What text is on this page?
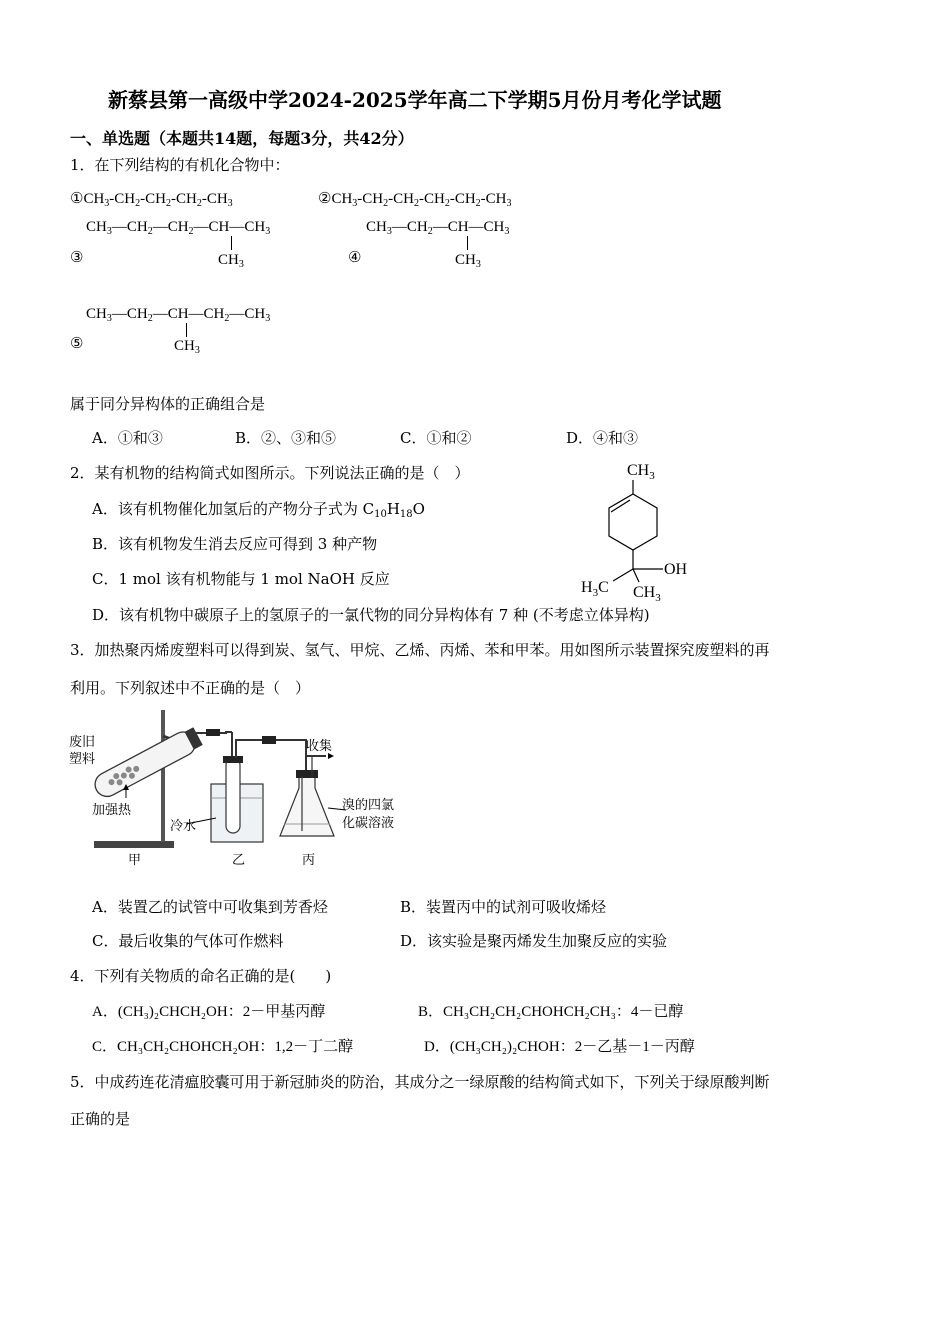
新蔡县第一高级中学2024-2025学年高二下学期5月份月考化学试题
一、单选题（本题共14题，每题3分，共42分）
1．在下列结构的有机化合物中：
$①CH_3-CH_2-CH_2-CH_2-CH_3$	$②CH_3-CH_2-CH_2-CH_2-CH_2-CH_3$
$CH_3—CH_2—CH_2—CH—CH_3$
$CH_3$
③
$CH_3—CH_2—CH—CH_3$
$CH_3$
④
$CH_3—CH_2—CH—CH_2—CH_3$
$CH_3$
⑤
属于同分异构体的正确组合是
A．①和③	B．②、③和⑤	C．①和②	D．④和③
2．某有机物的结构简式如图所示。下列说法正确的是（　）
A．该有机物催化加氢后的产物分子式为 $C_{10}H_{18}O$
B．该有机物发生消去反应可得到 3 种产物
C．1 mol 该有机物能与 1 mol NaOH 反应
D．该有机物中碳原子上的氢原子的一氯代物的同分异构体有 7 种 (不考虑立体异构)
$CH_3$
OH
$H_3C$ $CH_3$
3．加热聚丙烯废塑料可以得到炭、氢气、甲烷、乙烯、丙烯、苯和甲苯。用如图所示装置探究废塑料的再
利用。下列叙述中不正确的是（　）
废旧
塑料
加强热
冷水
收集
溴的四氯
化碳溶液
甲	乙	丙
A．装置乙的试管中可收集到芳香烃	B．装置丙中的试剂可吸收烯烃
C．最后收集的气体可作燃料	D．该实验是聚丙烯发生加聚反应的实验
4．下列有关物质的命名正确的是(　　)
A．(CH₃)₂CHCH₂OH：2－甲基丙醇	B．CH₃CH₂CH₂CHOHCH₂CH₃：4－已醇
C．CH₃CH₂CHOHCH₂OH：1,2－丁二醇	D．(CH₃CH₂)₂CHOH：2－乙基－1－丙醇
5．中成药连花清瘟胶囊可用于新冠肺炎的防治，其成分之一绿原酸的结构简式如下，下列关于绿原酸判断
正确的是
